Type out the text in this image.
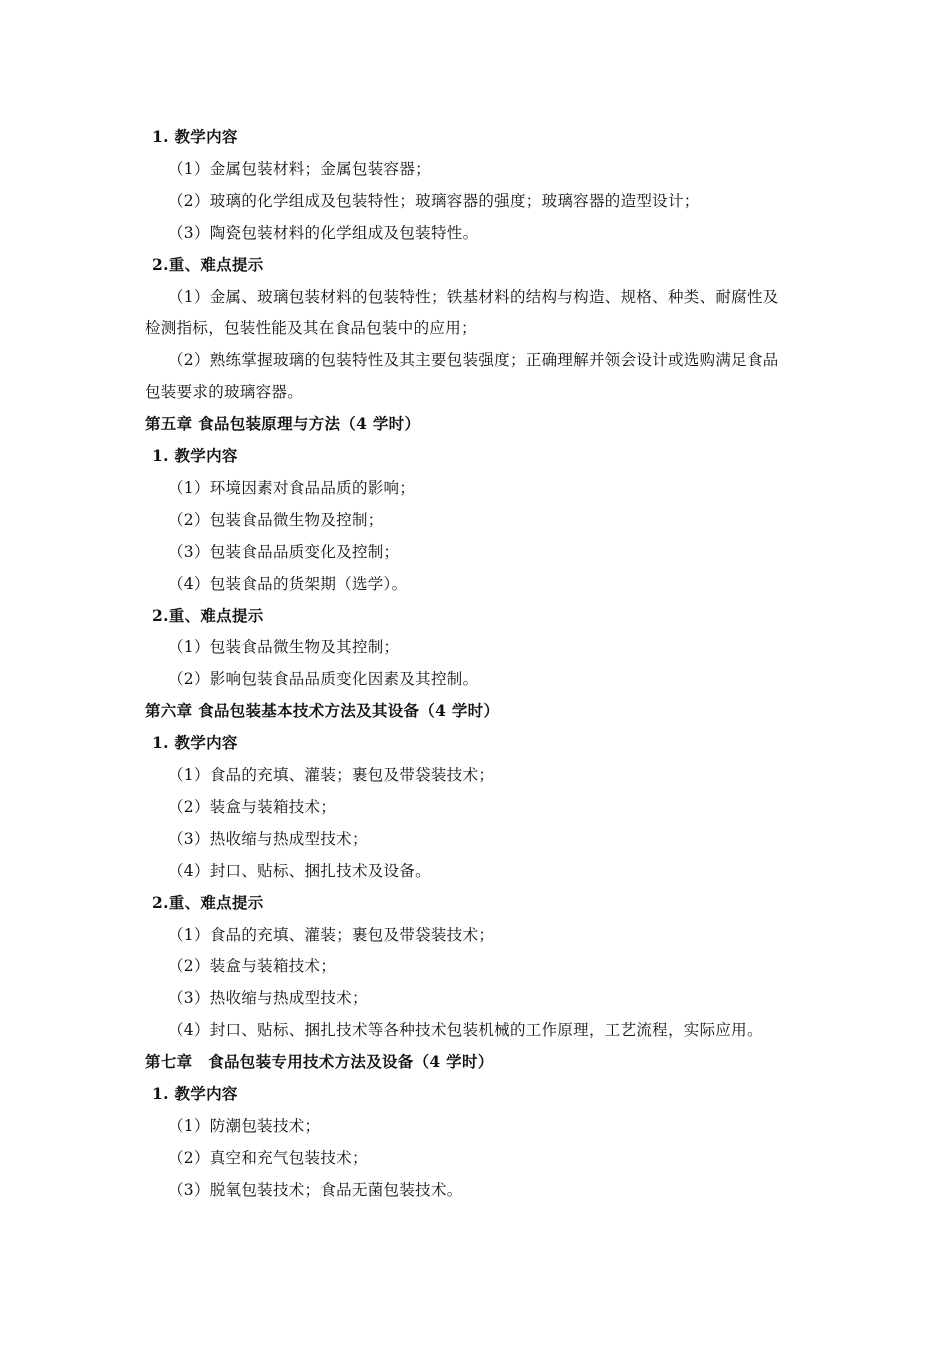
1. 教学内容
（1）金属包装材料；金属包装容器；
（2）玻璃的化学组成及包装特性；玻璃容器的强度；玻璃容器的造型设计；
（3）陶瓷包装材料的化学组成及包装特性。
2.重、难点提示
（1）金属、玻璃包装材料的包装特性；铁基材料的结构与构造、规格、种类、耐腐性及
检测指标，包装性能及其在食品包装中的应用；
（2）熟练掌握玻璃的包装特性及其主要包装强度；正确理解并领会设计或选购满足食品
包装要求的玻璃容器。
第五章 食品包装原理与方法（4 学时）
1. 教学内容
（1）环境因素对食品品质的影响；
（2）包装食品微生物及控制；
（3）包装食品品质变化及控制；
（4）包装食品的货架期（选学）。
2.重、难点提示
（1）包装食品微生物及其控制；
（2）影响包装食品品质变化因素及其控制。
第六章 食品包装基本技术方法及其设备（4 学时）
1. 教学内容
（1）食品的充填、灌装；裹包及带袋装技术；
（2）装盒与装箱技术；
（3）热收缩与热成型技术；
（4）封口、贴标、捆扎技术及设备。
2.重、难点提示
（1）食品的充填、灌装；裹包及带袋装技术；
（2）装盒与装箱技术；
（3）热收缩与热成型技术；
（4）封口、贴标、捆扎技术等各种技术包装机械的工作原理，工艺流程，实际应用。
第七章　食品包装专用技术方法及设备（4 学时）
1. 教学内容
（1）防潮包装技术；
（2）真空和充气包装技术；
（3）脱氧包装技术；食品无菌包装技术。
